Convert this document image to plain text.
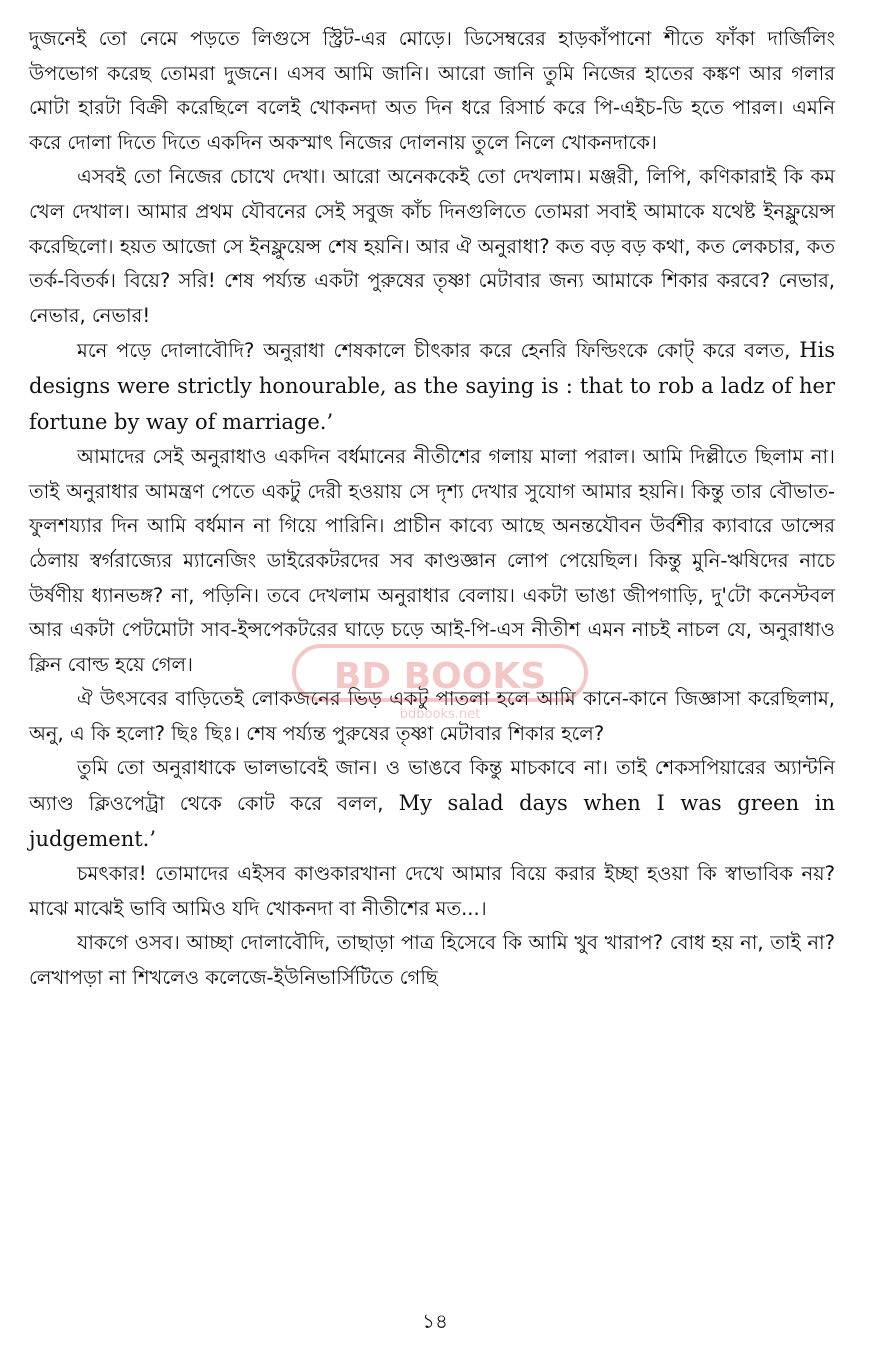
দুজনেই তো নেমে পড়তে লিগুসে স্ট্রিট-এর মোড়ে। ডিসেম্বরের হাড়কাঁপানো শীতে ফাঁকা দার্জিলিং উপভোগ করেছ তোমরা দুজনে। এসব আমি জানি। আরো জানি তুমি নিজের হাতের কঙ্কণ আর গলার মোটা হারটা বিক্রী করেছিলে বলেই খোকনদা অত দিন ধরে রিসার্চ করে পি-এইচ-ডি হতে পারল। এমনি করে দোলা দিতে দিতে একদিন অকস্মাৎ নিজের দোলনায় তুলে নিলে খোকনদাকে।

এসবই তো নিজের চোখে দেখা। আরো অনেককেই তো দেখলাম। মঞ্জরী, লিপি, কণিকারাই কি কম খেল দেখাল। আমার প্রথম যৌবনের সেই সবুজ কাঁচ দিনগুলিতে তোমরা সবাই আমাকে যথেষ্ট ইনফ্লুয়েন্স করেছিলো। হয়ত আজো সে ইনফ্লুয়েন্স শেষ হয়নি। আর ঐ অনুরাধা? কত বড় বড় কথা, কত লেকচার, কত তর্ক-বিতর্ক। বিয়ে? সরি! শেষ পর্য্যন্ত একটা পুরুষের তৃষ্ণা মেটাবার জন্য আমাকে শিকার করবে? নেভার, নেভার, নেভার!

মনে পড়ে দোলাবৌদি? অনুরাধা শেষকালে চীৎকার করে হেনরি ফিল্ডিংকে কোট্ করে বলত, His designs were strictly honourable, as the saying is : that to rob a ladz of her fortune by way of marriage.’

আমাদের সেই অনুরাধাও একদিন বর্ধমানের নীতীশের গলায় মালা পরাল। আমি দিল্লীতে ছিলাম না। তাই অনুরাধার আমন্ত্রণ পেতে একটু দেরী হওয়ায় সে দৃশ্য দেখার সুযোগ আমার হয়নি। কিন্তু তার বৌভাত-ফুলশয্যার দিন আমি বর্ধমান না গিয়ে পারিনি। প্রাচীন কাব্যে আছে অনন্তযৌবন উর্বশীর ক্যাবারে ডান্সের ঠেলায় স্বর্গরাজ্যের ম্যানেজিং ডাইরেকটরদের সব কাণ্ডজ্ঞান লোপ পেয়েছিল। কিন্তু মুনি-ঋষিদের নাচে উর্ষণীয় ধ্যানভঙ্গ? না, পড়িনি। তবে দেখলাম অনুরাধার বেলায়। একটা ভাঙা জীপগাড়ি, দু'টো কনেস্টবল আর একটা পেটমোটা সাব-ইন্সপেকটরের ঘাড়ে চড়ে আই-পি-এস নীতীশ এমন নাচই নাচল যে, অনুরাধাও ক্লিন বোল্ড হয়ে গেল।

ঐ উৎসবের বাড়িতেই লোকজনের ভিড় একটু পাতলা হলে আমি কানে-কানে জিজ্ঞাসা করেছিলাম, অনু, এ কি হলো? ছিঃ ছিঃ। শেষ পর্য্যন্ত পুরুষের তৃষ্ণা মেটাবার শিকার হলে?

তুমি তো অনুরাধাকে ভালভাবেই জান। ও ভাঙবে কিন্তু মাচকাবে না। তাই শেকসপিয়ারের অ্যান্টনি অ্যাণ্ড ক্লিওপেট্রা থেকে কোট করে বলল, My salad days when I was green in judgement.’

চমৎকার! তোমাদের এইসব কাণ্ডকারখানা দেখে আমার বিয়ে করার ইচ্ছা হওয়া কি স্বাভাবিক নয়? মাঝে মাঝেই ভাবি আমিও যদি খোকনদা বা নীতীশের মত...।

যাকগে ওসব। আচ্ছা দোলাবৌদি, তাছাড়া পাত্র হিসেবে কি আমি খুব খারাপ? বোধ হয় না, তাই না? লেখাপড়া না শিখলেও কলেজে-ইউনিভার্সিটিতে গেছি

BD BOOKS
bdbooks.net
১৪
